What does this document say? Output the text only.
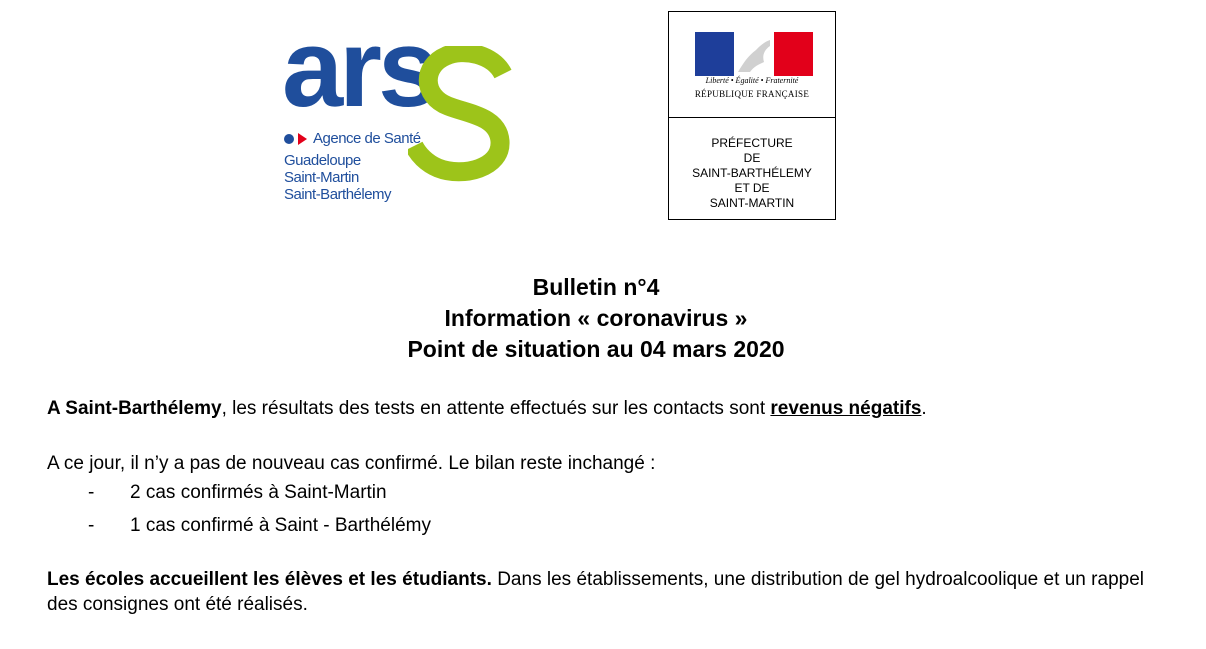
ars
Agence de Santé
Guadeloupe
Saint-Martin
Saint-Barthélemy
Liberté • Égalité • Fraternité
RÉPUBLIQUE FRANÇAISE
PRÉFECTURE
DE
SAINT-BARTHÉLEMY
ET DE
SAINT-MARTIN
Bulletin n°4
Information « coronavirus »
Point de situation au 04 mars 2020
A Saint-Barthélemy, les résultats des tests en attente effectués sur les contacts sont revenus négatifs.
A ce jour, il n’y a pas de nouveau cas confirmé. Le bilan reste inchangé :
- 2 cas confirmés à Saint-Martin
- 1 cas confirmé à Saint - Barthélémy
Les écoles accueillent les élèves et les étudiants. Dans les établissements, une distribution de gel hydroalcoolique et un rappel des consignes ont été réalisés.
